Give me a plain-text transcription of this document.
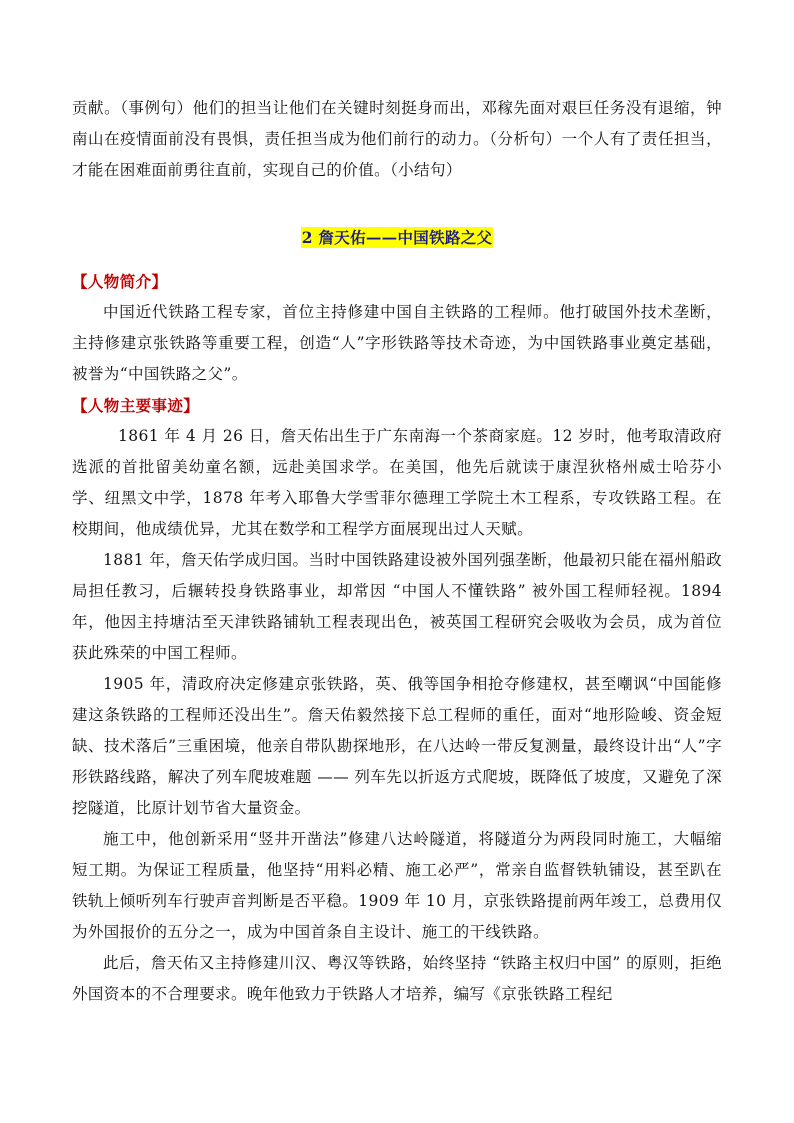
贡献。（事例句）他们的担当让他们在关键时刻挺身而出，邓稼先面对艰巨任务没有退缩，钟南山在疫情面前没有畏惧，责任担当成为他们前行的动力。（分析句）一个人有了责任担当，才能在困难面前勇往直前，实现自己的价值。（小结句）

2 詹天佑——中国铁路之父
【人物简介】

中国近代铁路工程专家，首位主持修建中国自主铁路的工程师。他打破国外技术垄断，主持修建京张铁路等重要工程，创造“人”字形铁路等技术奇迹，为中国铁路事业奠定基础，被誉为“中国铁路之父”。

【人物主要事迹】

1861 年 4 月 26 日，詹天佑出生于广东南海一个茶商家庭。12 岁时，他考取清政府选派的首批留美幼童名额，远赴美国求学。在美国，他先后就读于康涅狄格州威士哈芬小学、纽黑文中学，1878 年考入耶鲁大学雪菲尔德理工学院土木工程系，专攻铁路工程。在校期间，他成绩优异，尤其在数学和工程学方面展现出过人天赋。

1881 年，詹天佑学成归国。当时中国铁路建设被外国列强垄断，他最初只能在福州船政局担任教习，后辗转投身铁路事业，却常因 “中国人不懂铁路” 被外国工程师轻视。1894 年，他因主持塘沽至天津铁路铺轨工程表现出色，被英国工程研究会吸收为会员，成为首位获此殊荣的中国工程师。

1905 年，清政府决定修建京张铁路，英、俄等国争相抢夺修建权，甚至嘲讽“中国能修建这条铁路的工程师还没出生”。詹天佑毅然接下总工程师的重任，面对“地形险峻、资金短缺、技术落后”三重困境，他亲自带队勘探地形，在八达岭一带反复测量，最终设计出“人”字形铁路线路，解决了列车爬坡难题 —— 列车先以折返方式爬坡，既降低了坡度，又避免了深挖隧道，比原计划节省大量资金。

施工中，他创新采用“竖井开凿法”修建八达岭隧道，将隧道分为两段同时施工，大幅缩短工期。为保证工程质量，他坚持“用料必精、施工必严”，常亲自监督铁轨铺设，甚至趴在铁轨上倾听列车行驶声音判断是否平稳。1909 年 10 月，京张铁路提前两年竣工，总费用仅为外国报价的五分之一，成为中国首条自主设计、施工的干线铁路。

此后，詹天佑又主持修建川汉、粤汉等铁路，始终坚持 “铁路主权归中国” 的原则，拒绝外国资本的不合理要求。晚年他致力于铁路人才培养，编写《京张铁路工程纪
